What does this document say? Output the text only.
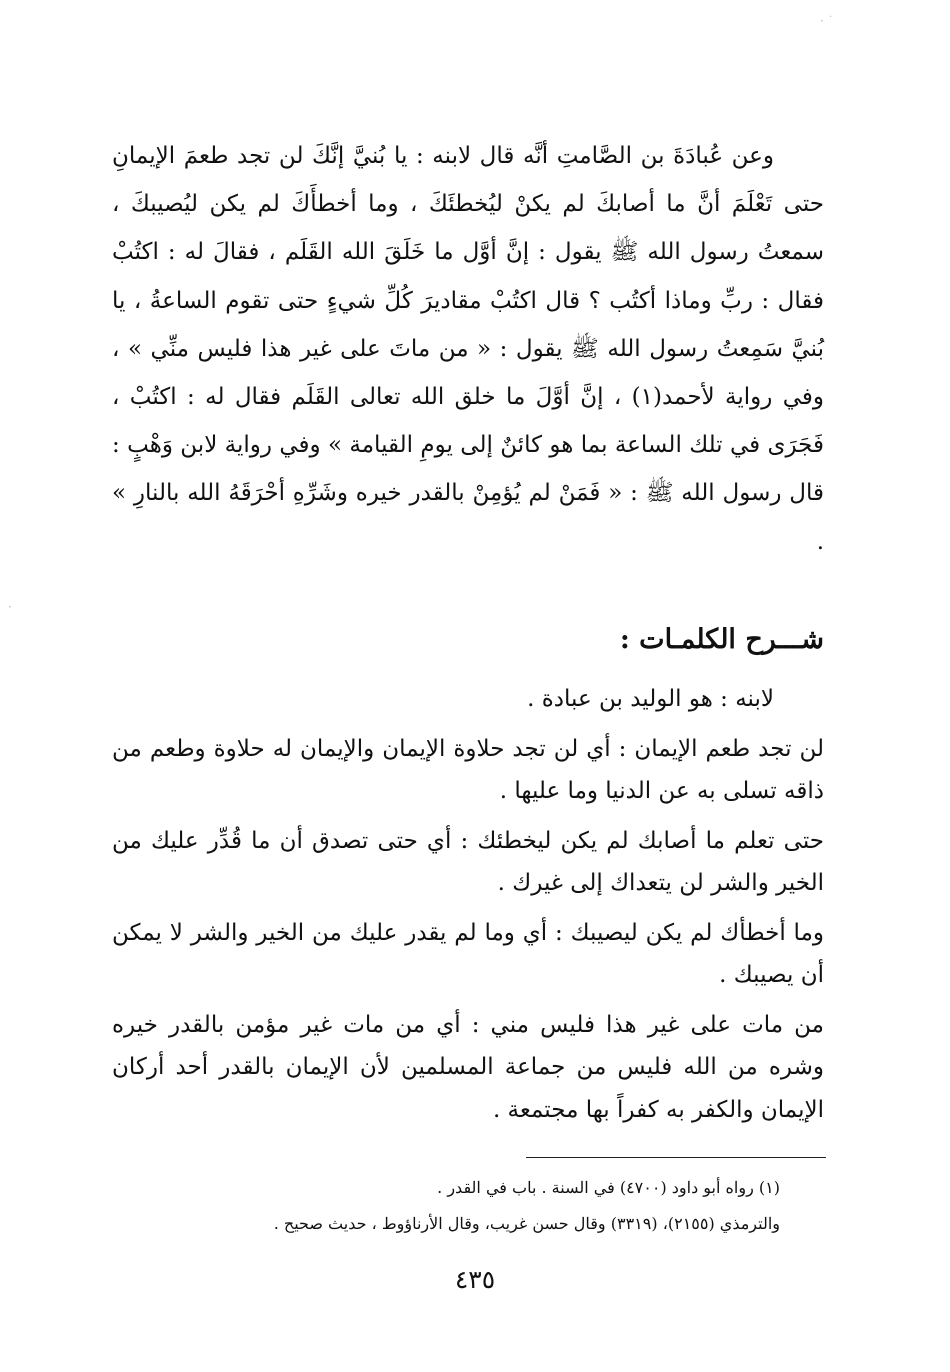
· ˙
·

وعن عُبادَةَ بن الصَّامتِ أنَّه قال لابنه : يا بُنيَّ إنَّكَ لن تجد طعمَ الإيمانِ حتى تَعْلَمَ أنَّ ما أصابكَ لم يكنْ ليُخطئَكَ ، وما أخطأَكَ لم يكن ليُصيبكَ ، سمعتُ رسول الله ﷺ يقول : إنَّ أوَّل ما خَلَقَ الله القَلَم ، فقالَ له : اكتُبْ فقال : ربِّ وماذا أكتُب ؟ قال اكتُبْ مقاديرَ كُلِّ شيءٍ حتى تقوم الساعةُ ، يا بُنيَّ سَمِعتُ رسول الله ﷺ يقول : « من ماتَ على غير هذا فليس منِّي » ، وفي رواية لأحمد(١) ، إنَّ أوَّلَ ما خلق الله تعالى القَلَم فقال له : اكتُبْ ، فَجَرَى في تلك الساعة بما هو كائنٌ إلى يومِ القيامة » وفي رواية لابن وَهْبٍ : قال رسول الله ﷺ : « فَمَنْ لم يُؤمِنْ بالقدر خيره وشَرِّهِ أحْرَقَهُ الله بالنارِ » .

شـــرح الكلمـات :

لابنه : هو الوليد بن عبادة .

لن تجد طعم الإيمان : أي لن تجد حلاوة الإيمان والإيمان له حلاوة وطعم من ذاقه تسلى به عن الدنيا وما عليها .

حتى تعلم ما أصابك لم يكن ليخطئك : أي حتى تصدق أن ما قُدِّر عليك من الخير والشر لن يتعداك إلى غيرك .

وما أخطأك لم يكن ليصيبك : أي وما لم يقدر عليك من الخير والشر لا يمكن أن يصيبك .

من مات على غير هذا فليس مني : أي من مات غير مؤمن بالقدر خيره وشره من الله فليس من جماعة المسلمين لأن الإيمان بالقدر أحد أركان الإيمان والكفر به كفراً بها مجتمعة .

(١) رواه أبو داود (٤٧٠٠) في السنة . باب في القدر .

والترمذي (٢١٥٥)، (٣٣١٩) وقال حسن غريب، وقال الأرناؤوط ، حديث صحيح .

٤٣٥
